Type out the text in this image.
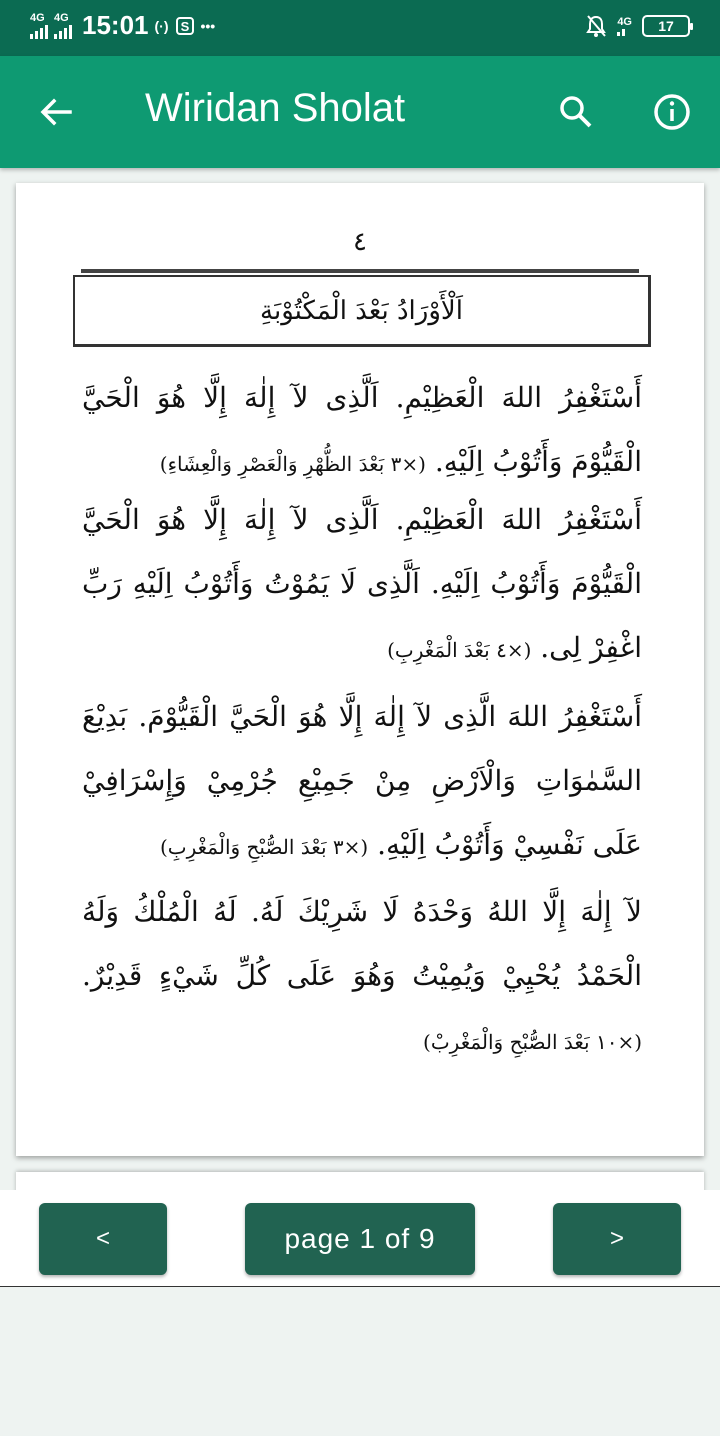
4G 4G 15:01 (·) S •••	4G 17
Wiridan Sholat
٤
اَلْأَوْرَادُ بَعْدَ الْمَكْتُوْبَةِ

أَسْتَغْفِرُ اللهَ الْعَظِيْمِ. اَلَّذِى لآ إِلٰهَ إِلَّا هُوَ الْحَيَّ الْقَيُّوْمَ وَأَتُوْبُ اِلَيْهِ. (×٣ بَعْدَ الظُّهْرِ وَالْعَصْرِ وَالْعِشَاءِ)

أَسْتَغْفِرُ اللهَ الْعَظِيْمِ. اَلَّذِى لآ إِلٰهَ إِلَّا هُوَ الْحَيَّ الْقَيُّوْمَ وَأَتُوْبُ اِلَيْهِ. اَلَّذِى لَا يَمُوْتُ وَأَتُوْبُ اِلَيْهِ رَبِّ اغْفِرْ لِى. (×٤ بَعْدَ الْمَغْرِبِ)

أَسْتَغْفِرُ اللهَ الَّذِى لآ إِلٰهَ إِلَّا هُوَ الْحَيَّ الْقَيُّوْمَ. بَدِيْعَ السَّمٰوَاتِ وَالْاَرْضِ مِنْ جَمِيْعِ جُرْمِيْ وَإِسْرَافِيْ عَلَى نَفْسِيْ وَأَتُوْبُ اِلَيْهِ. (×٣ بَعْدَ الصُّبْحِ وَالْمَغْرِبِ)

لآ إِلٰهَ إِلَّا اللهُ وَحْدَهُ لَا شَرِيْكَ لَهُ. لَهُ الْمُلْكُ وَلَهُ الْحَمْدُ يُحْيِيْ وَيُمِيْتُ وَهُوَ عَلَى كُلِّ شَيْءٍ قَدِيْرٌ. (×١٠ بَعْدَ الصُّبْحِ وَالْمَغْرِبْ)

<	page 1 of 9	>
